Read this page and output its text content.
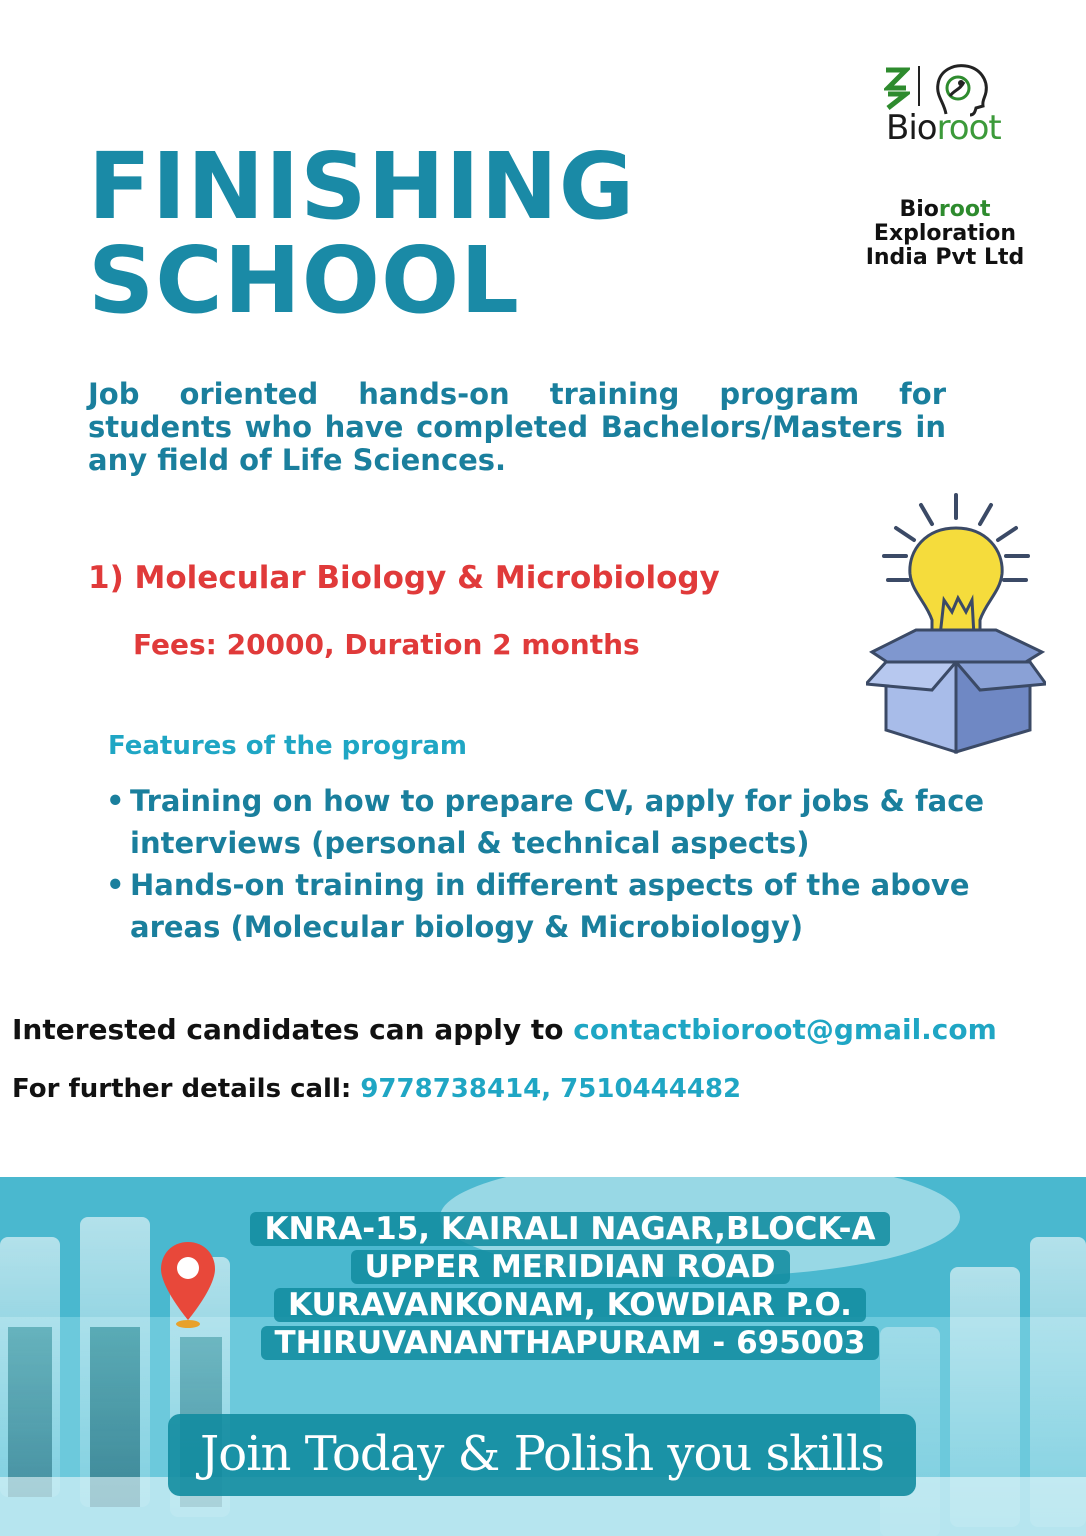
Bioroot
Bioroot
Exploration
India Pvt Ltd
FINISHING
SCHOOL
Job oriented hands-on training program for students who have completed Bachelors/Masters in any field of Life Sciences.
1) Molecular Biology & Microbiology
Fees: 20000, Duration 2 months
Features of the program
• Training on how to prepare CV, apply for jobs & face interviews (personal & technical aspects)
• Hands-on training in different aspects of the above areas (Molecular biology & Microbiology)
Interested candidates can apply to contactbioroot@gmail.com
For further details call: 9778738414, 7510444482
KNRA-15, KAIRALI NAGAR,BLOCK-A
UPPER MERIDIAN ROAD
KURAVANKONAM, KOWDIAR P.O.
THIRUVANANTHAPURAM - 695003
Join Today & Polish you skills
